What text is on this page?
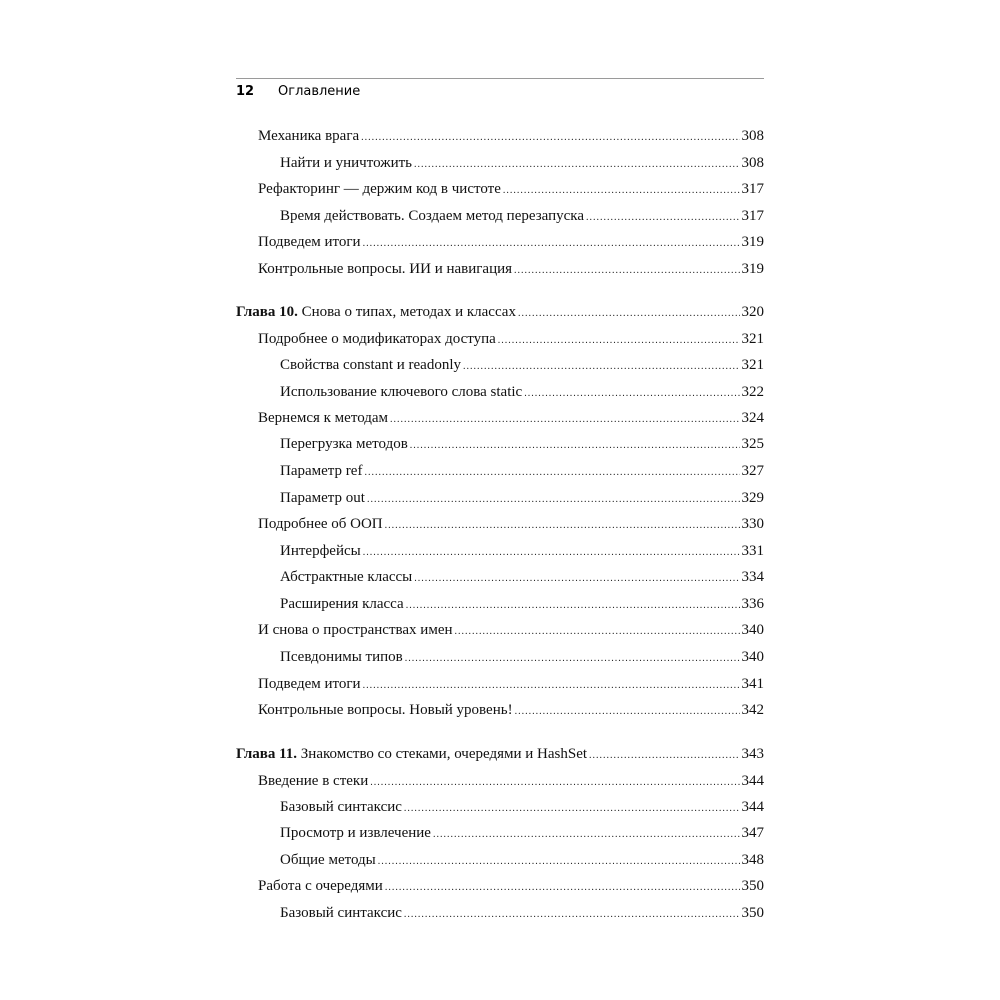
12 Оглавление
Механика врага .....	308
Найти и уничтожить .....	308
Рефакторинг — держим код в чистоте .....	317
Время действовать. Создаем метод перезапуска .....	317
Подведем итоги .....	319
Контрольные вопросы. ИИ и навигация .....	319
Глава 10. Снова о типах, методах и классах .....	320
Подробнее о модификаторах доступа .....	321
Свойства constant и readonly .....	321
Использование ключевого слова static .....	322
Вернемся к методам .....	324
Перегрузка методов .....	325
Параметр ref .....	327
Параметр out .....	329
Подробнее об ООП .....	330
Интерфейсы .....	331
Абстрактные классы .....	334
Расширения класса .....	336
И снова о пространствах имен .....	340
Псевдонимы типов .....	340
Подведем итоги .....	341
Контрольные вопросы. Новый уровень! .....	342
Глава 11. Знакомство со стеками, очередями и HashSet .....	343
Введение в стеки .....	344
Базовый синтаксис .....	344
Просмотр и извлечение .....	347
Общие методы .....	348
Работа с очередями .....	350
Базовый синтаксис .....	350
